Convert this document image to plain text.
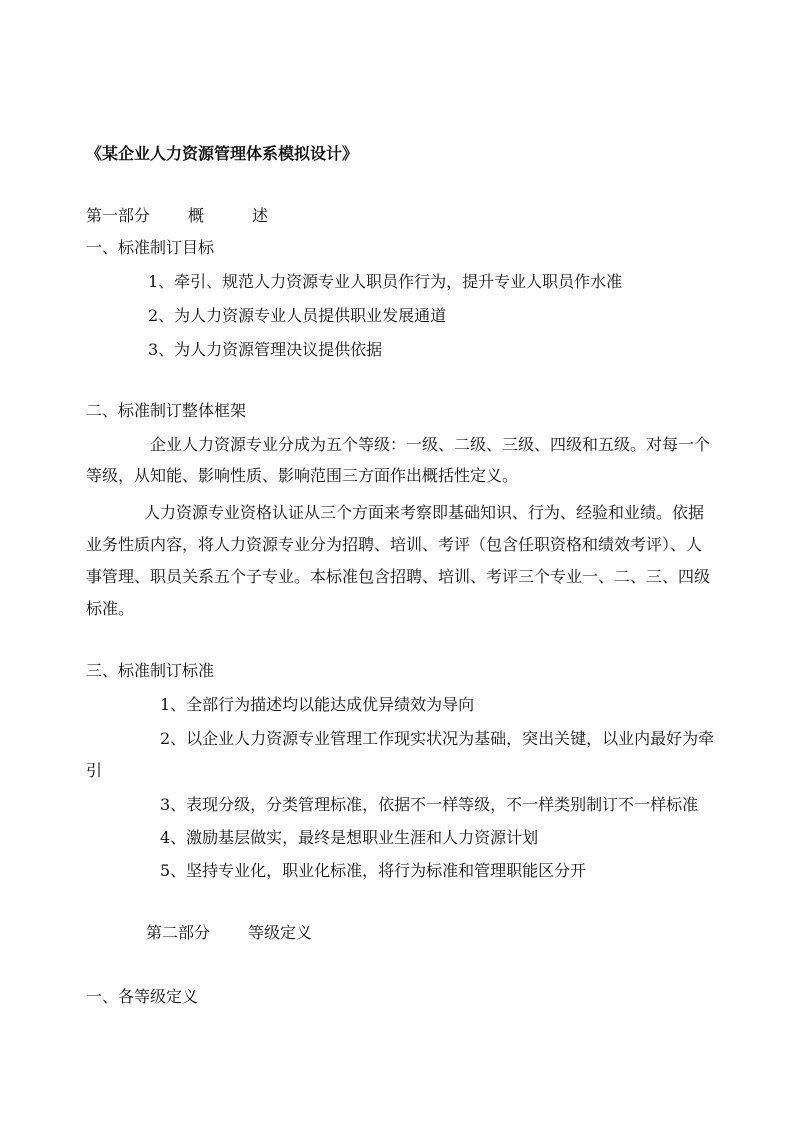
《某企业人力资源管理体系模拟设计》
第一部分 概	述
一、标准制订目标
1、牵引、规范人力资源专业人职员作行为，提升专业人职员作水准
2、为人力资源专业人员提供职业发展通道
3、为人力资源管理决议提供依据
二、标准制订整体框架
企业人力资源专业分成为五个等级：一级、二级、三级、四级和五级。对每一个
等级，从知能、影响性质、影响范围三方面作出概括性定义。
人力资源专业资格认证从三个方面来考察即基础知识、行为、经验和业绩。依据
业务性质内容，将人力资源专业分为招聘、培训、考评（包含任职资格和绩效考评）、人
事管理、职员关系五个子专业。本标准包含招聘、培训、考评三个专业一、二、三、四级
标准。
三、标准制订标准
1、全部行为描述均以能达成优异绩效为导向
2、以企业人力资源专业管理工作现实状况为基础，突出关键，以业内最好为牵
引
3、表现分级，分类管理标准，依据不一样等级，不一样类别制订不一样标准
4、激励基层做实，最终是想职业生涯和人力资源计划
5、坚持专业化，职业化标准，将行为标准和管理职能区分开
第二部分 等级定义
一、各等级定义
